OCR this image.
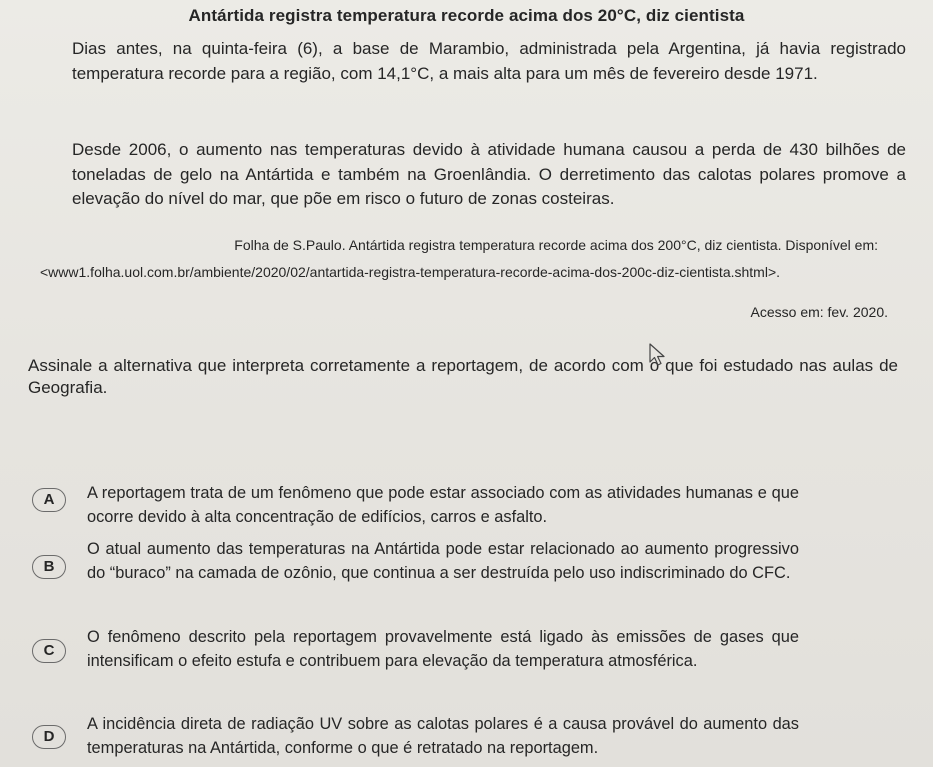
Antártida registra temperatura recorde acima dos 20°C, diz cientista
Dias antes, na quinta-feira (6), a base de Marambio, administrada pela Argentina, já havia registrado temperatura recorde para a região, com 14,1°C, a mais alta para um mês de fevereiro desde 1971.
Desde 2006, o aumento nas temperaturas devido à atividade humana causou a perda de 430 bilhões de toneladas de gelo na Antártida e também na Groenlândia. O derretimento das calotas polares promove a elevação do nível do mar, que põe em risco o futuro de zonas costeiras.
Folha de S.Paulo. Antártida registra temperatura recorde acima dos 200°C, diz cientista. Disponível em:
<www1.folha.uol.com.br/ambiente/2020/02/antartida-registra-temperatura-recorde-acima-dos-200c-diz-cientista.shtml>.
Acesso em: fev. 2020.
Assinale a alternativa que interpreta corretamente a reportagem, de acordo com o que foi estudado nas aulas de Geografia.
A	A reportagem trata de um fenômeno que pode estar associado com as atividades humanas e que ocorre devido à alta concentração de edifícios, carros e asfalto.
B
O atual aumento das temperaturas na Antártida pode estar relacionado ao aumento progressivo do “buraco” na camada de ozônio, que continua a ser destruída pelo uso indiscriminado do CFC.
C
O fenômeno descrito pela reportagem provavelmente está ligado às emissões de gases que intensificam o efeito estufa e contribuem para elevação da temperatura atmosférica.
D
A incidência direta de radiação UV sobre as calotas polares é a causa provável do aumento das temperaturas na Antártida, conforme o que é retratado na reportagem.
